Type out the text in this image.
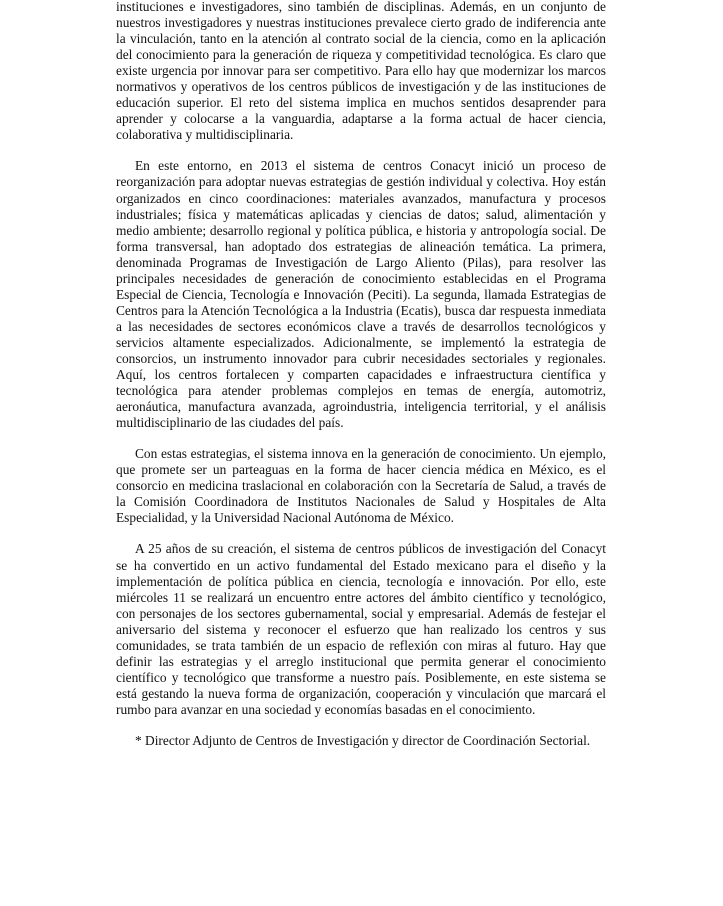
instituciones e investigadores, sino también de disciplinas. Además, en un conjunto de nuestros investigadores y nuestras instituciones prevalece cierto grado de indiferencia ante la vinculación, tanto en la atención al contrato social de la ciencia, como en la aplicación del conocimiento para la generación de riqueza y competitividad tecnológica. Es claro que existe urgencia por innovar para ser competitivo. Para ello hay que modernizar los marcos normativos y operativos de los centros públicos de investigación y de las instituciones de educación superior. El reto del sistema implica en muchos sentidos desaprender para aprender y colocarse a la vanguardia, adaptarse a la forma actual de hacer ciencia, colaborativa y multidisciplinaria.

En este entorno, en 2013 el sistema de centros Conacyt inició un proceso de reorganización para adoptar nuevas estrategias de gestión individual y colectiva. Hoy están organizados en cinco coordinaciones: materiales avanzados, manufactura y procesos industriales; física y matemáticas aplicadas y ciencias de datos; salud, alimentación y medio ambiente; desarrollo regional y política pública, e historia y antropología social. De forma transversal, han adoptado dos estrategias de alineación temática. La primera, denominada Programas de Investigación de Largo Aliento (Pilas), para resolver las principales necesidades de generación de conocimiento establecidas en el Programa Especial de Ciencia, Tecnología e Innovación (Peciti). La segunda, llamada Estrategias de Centros para la Atención Tecnológica a la Industria (Ecatis), busca dar respuesta inmediata a las necesidades de sectores económicos clave a través de desarrollos tecnológicos y servicios altamente especializados. Adicionalmente, se implementó la estrategia de consorcios, un instrumento innovador para cubrir necesidades sectoriales y regionales. Aquí, los centros fortalecen y comparten capacidades e infraestructura científica y tecnológica para atender problemas complejos en temas de energía, automotriz, aeronáutica, manufactura avanzada, agroindustria, inteligencia territorial, y el análisis multidisciplinario de las ciudades del país.

Con estas estrategias, el sistema innova en la generación de conocimiento. Un ejemplo, que promete ser un parteaguas en la forma de hacer ciencia médica en México, es el consorcio en medicina traslacional en colaboración con la Secretaría de Salud, a través de la Comisión Coordinadora de Institutos Nacionales de Salud y Hospitales de Alta Especialidad, y la Universidad Nacional Autónoma de México.

A 25 años de su creación, el sistema de centros públicos de investigación del Conacyt se ha convertido en un activo fundamental del Estado mexicano para el diseño y la implementación de política pública en ciencia, tecnología e innovación. Por ello, este miércoles 11 se realizará un encuentro entre actores del ámbito científico y tecnológico, con personajes de los sectores gubernamental, social y empresarial. Además de festejar el aniversario del sistema y reconocer el esfuerzo que han realizado los centros y sus comunidades, se trata también de un espacio de reflexión con miras al futuro. Hay que definir las estrategias y el arreglo institucional que permita generar el conocimiento científico y tecnológico que transforme a nuestro país. Posiblemente, en este sistema se está gestando la nueva forma de organización, cooperación y vinculación que marcará el rumbo para avanzar en una sociedad y economías basadas en el conocimiento.

* Director Adjunto de Centros de Investigación y director de Coordinación Sectorial.
